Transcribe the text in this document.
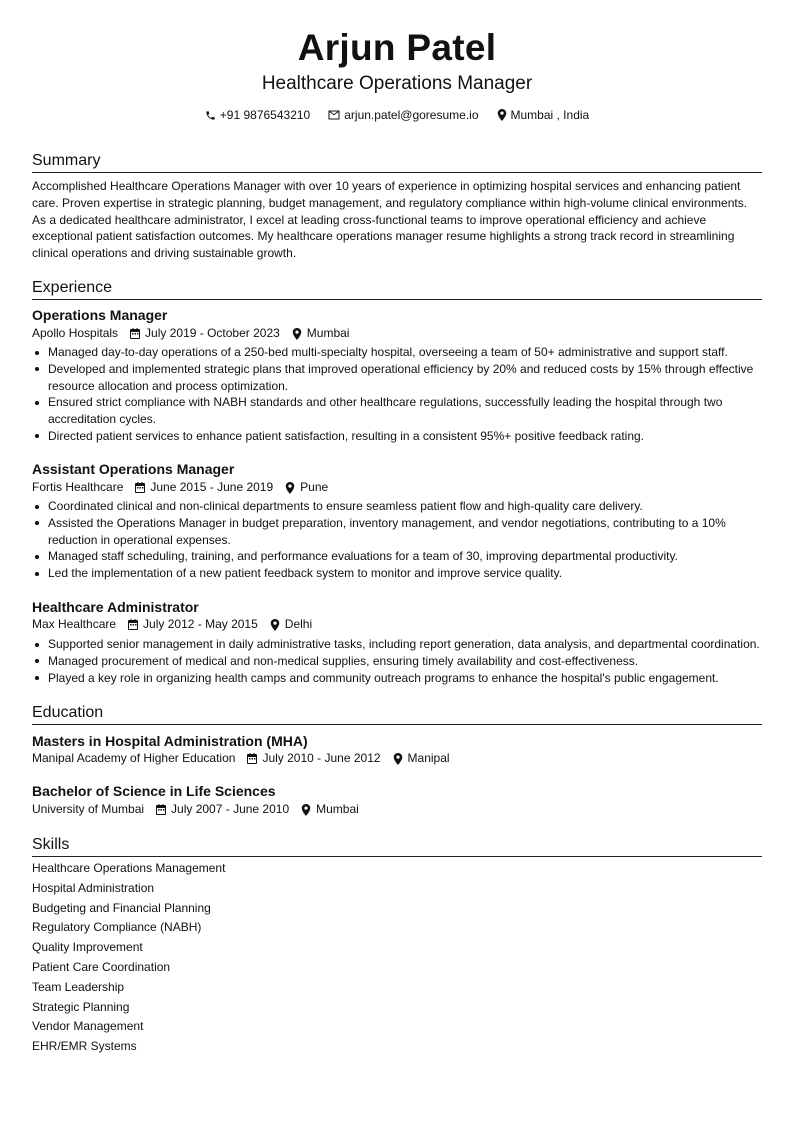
Arjun Patel
Healthcare Operations Manager
+91 9876543210	arjun.patel@goresume.io	Mumbai , India
Summary
Accomplished Healthcare Operations Manager with over 10 years of experience in optimizing hospital services and enhancing patient care. Proven expertise in strategic planning, budget management, and regulatory compliance within high-volume clinical environments. As a dedicated healthcare administrator, I excel at leading cross-functional teams to improve operational efficiency and achieve exceptional patient satisfaction outcomes. My healthcare operations manager resume highlights a strong track record in streamlining clinical operations and driving sustainable growth.
Experience
Operations Manager
Apollo Hospitals July 2019 - October 2023 Mumbai
Managed day-to-day operations of a 250-bed multi-specialty hospital, overseeing a team of 50+ administrative and support staff.
Developed and implemented strategic plans that improved operational efficiency by 20% and reduced costs by 15% through effective resource allocation and process optimization.
Ensured strict compliance with NABH standards and other healthcare regulations, successfully leading the hospital through two accreditation cycles.
Directed patient services to enhance patient satisfaction, resulting in a consistent 95%+ positive feedback rating.
Assistant Operations Manager
Fortis Healthcare June 2015 - June 2019 Pune
Coordinated clinical and non-clinical departments to ensure seamless patient flow and high-quality care delivery.
Assisted the Operations Manager in budget preparation, inventory management, and vendor negotiations, contributing to a 10% reduction in operational expenses.
Managed staff scheduling, training, and performance evaluations for a team of 30, improving departmental productivity.
Led the implementation of a new patient feedback system to monitor and improve service quality.
Healthcare Administrator
Max Healthcare July 2012 - May 2015 Delhi
Supported senior management in daily administrative tasks, including report generation, data analysis, and departmental coordination.
Managed procurement of medical and non-medical supplies, ensuring timely availability and cost-effectiveness.
Played a key role in organizing health camps and community outreach programs to enhance the hospital's public engagement.
Education
Masters in Hospital Administration (MHA)
Manipal Academy of Higher Education July 2010 - June 2012 Manipal
Bachelor of Science in Life Sciences
University of Mumbai July 2007 - June 2010 Mumbai
Skills
Healthcare Operations Management
Hospital Administration
Budgeting and Financial Planning
Regulatory Compliance (NABH)
Quality Improvement
Patient Care Coordination
Team Leadership
Strategic Planning
Vendor Management
EHR/EMR Systems
